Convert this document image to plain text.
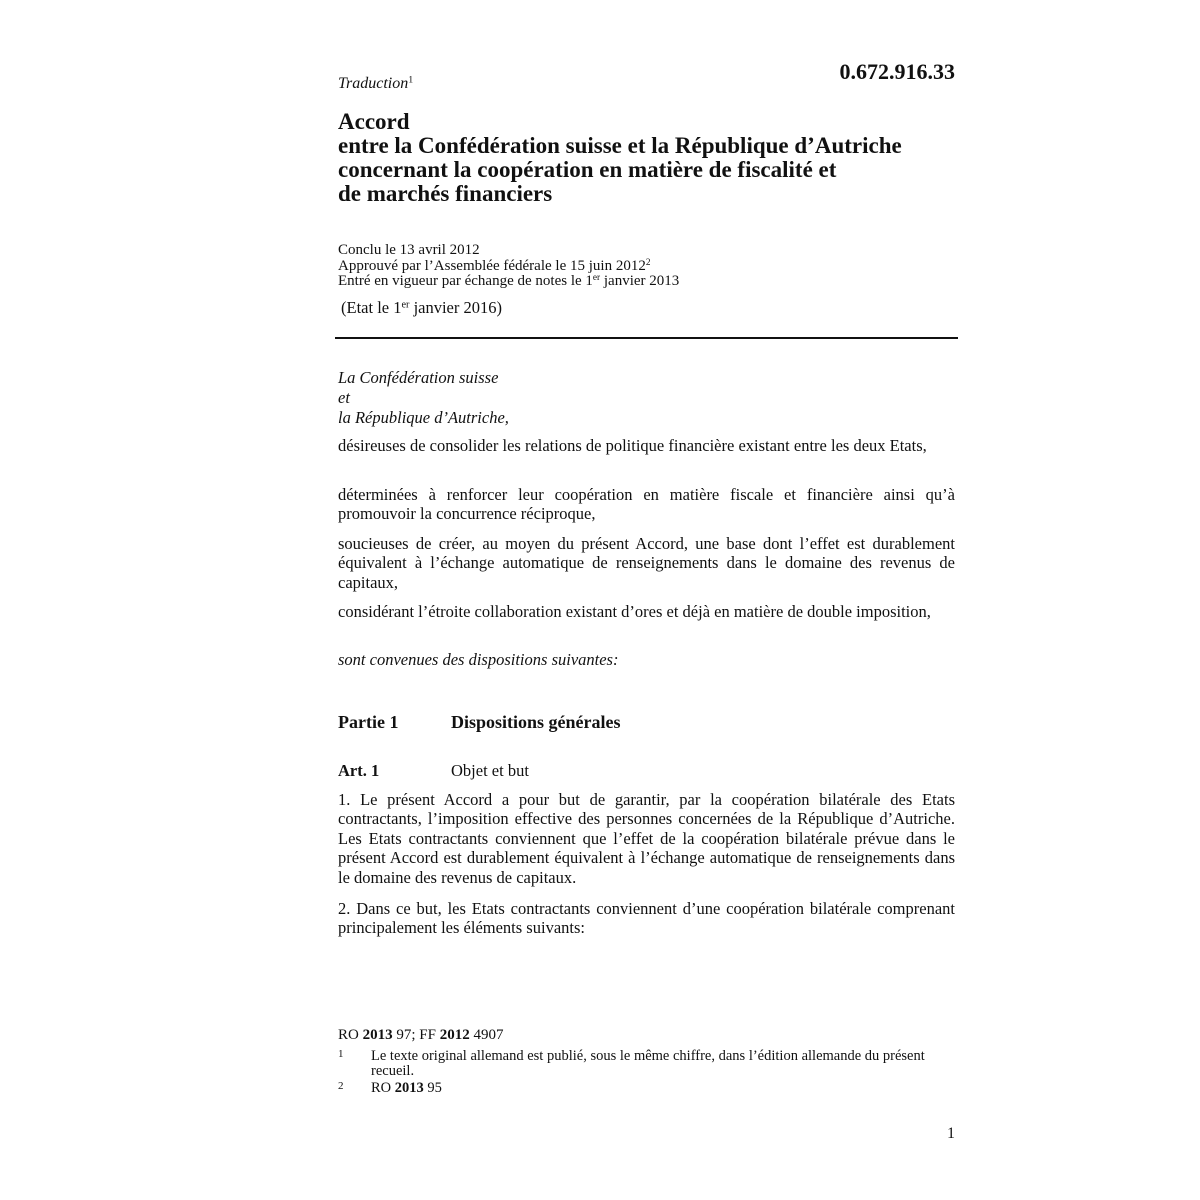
0.672.916.33
Traduction$^1$
Accord
entre la Confédération suisse et la République d’Autriche
concernant la coopération en matière de fiscalité et
de marchés financiers
Conclu le 13 avril 2012
Approuvé par l’Assemblée fédérale le 15 juin 2012$^2$
Entré en vigueur par échange de notes le 1er janvier 2013
(Etat le 1er janvier 2016)
La Confédération suisse
et
la République d’Autriche,
désireuses de consolider les relations de politique financière existant entre les deux Etats,
déterminées à renforcer leur coopération en matière fiscale et financière ainsi qu’à promouvoir la concurrence réciproque,
soucieuses de créer, au moyen du présent Accord, une base dont l’effet est durablement équivalent à l’échange automatique de renseignements dans le domaine des revenus de capitaux,
considérant l’étroite collaboration existant d’ores et déjà en matière de double imposition,
sont convenues des dispositions suivantes:
Partie 1	Dispositions générales
Art. 1	Objet et but
1. Le présent Accord a pour but de garantir, par la coopération bilatérale des Etats contractants, l’imposition effective des personnes concernées de la République d’Autriche. Les Etats contractants conviennent que l’effet de la coopération bilatérale prévue dans le présent Accord est durablement équivalent à l’échange automatique de renseignements dans le domaine des revenus de capitaux.
2. Dans ce but, les Etats contractants conviennent d’une coopération bilatérale comprenant principalement les éléments suivants:
RO 2013 97; FF 2012 4907
1 Le texte original allemand est publié, sous le même chiffre, dans l’édition allemande du présent recueil.
2 RO 2013 95
1
